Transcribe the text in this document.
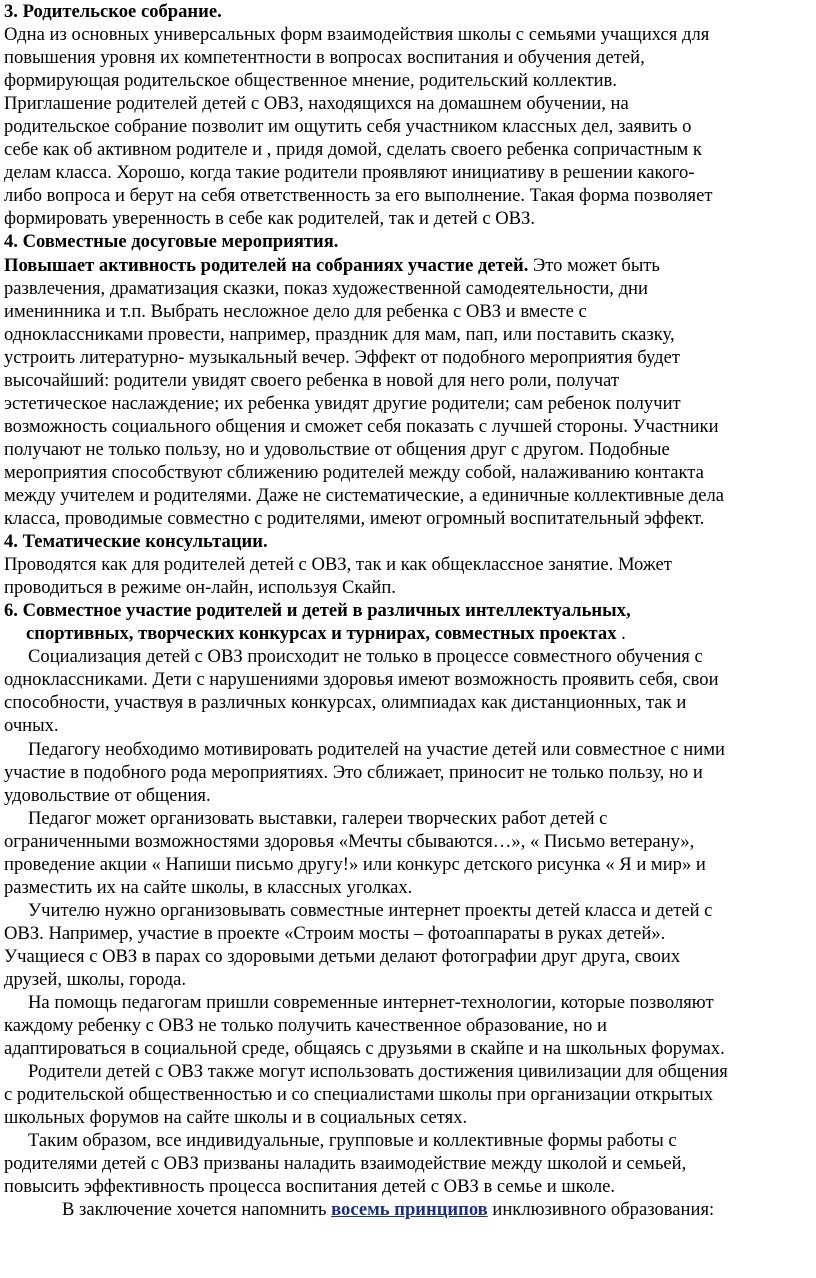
3. Родительское собрание.
Одна из основных универсальных форм взаимодействия школы с семьями учащихся для
повышения уровня их компетентности в вопросах воспитания и обучения детей,
формирующая родительское общественное мнение, родительский коллектив.
Приглашение родителей детей с ОВЗ, находящихся на домашнем обучении, на
родительское собрание позволит им ощутить себя участником классных дел, заявить о
себе как об активном родителе и , придя домой, сделать своего ребенка сопричастным к
делам класса. Хорошо, когда такие родители проявляют инициативу в решении какого-
либо вопроса и берут на себя ответственность за его выполнение. Такая форма позволяет
формировать уверенность в себе как родителей, так и детей с ОВЗ.
4. Совместные досуговые мероприятия.
Повышает активность родителей на собраниях участие детей. Это может быть
развлечения, драматизация сказки, показ художественной самодеятельности, дни
именинника и т.п. Выбрать несложное дело для ребенка с ОВЗ и вместе с
одноклассниками провести, например, праздник для мам, пап, или поставить сказку,
устроить литературно- музыкальный вечер. Эффект от подобного мероприятия будет
высочайший: родители увидят своего ребенка в новой для него роли, получат
эстетическое наслаждение; их ребенка увидят другие родители; сам ребенок получит
возможность социального общения и сможет себя показать с лучшей стороны. Участники
получают не только пользу, но и удовольствие от общения друг с другом. Подобные
мероприятия способствуют сближению родителей между собой, налаживанию контакта
между учителем и родителями. Даже не систематические, а единичные коллективные дела
класса, проводимые совместно с родителями, имеют огромный воспитательный эффект.
4. Тематические консультации.
Проводятся как для родителей детей с ОВЗ, так и как общеклассное занятие. Может
проводиться в режиме он-лайн, используя Скайп.
6. Совместное участие родителей и детей в различных интеллектуальных,
спортивных, творческих конкурсах и турнирах, совместных проектах .
Социализация детей с ОВЗ происходит не только в процессе совместного обучения с
одноклассниками. Дети с нарушениями здоровья имеют возможность проявить себя, свои
способности, участвуя в различных конкурсах, олимпиадах как дистанционных, так и
очных.
Педагогу необходимо мотивировать родителей на участие детей или совместное с ними
участие в подобного рода мероприятиях. Это сближает, приносит не только пользу, но и
удовольствие от общения.
Педагог может организовать выставки, галереи творческих работ детей с
ограниченными возможностями здоровья «Мечты сбываются…», « Письмо ветерану»,
проведение акции « Напиши письмо другу!» или конкурс детского рисунка « Я и мир» и
разместить их на сайте школы, в классных уголках.
Учителю нужно организовывать совместные интернет проекты детей класса и детей с
ОВЗ. Например, участие в проекте «Строим мосты – фотоаппараты в руках детей».
Учащиеся с ОВЗ в парах со здоровыми детьми делают фотографии друг друга, своих
друзей, школы, города.
На помощь педагогам пришли современные интернет-технологии, которые позволяют
каждому ребенку с ОВЗ не только получить качественное образование, но и
адаптироваться в социальной среде, общаясь с друзьями в скайпе и на школьных форумах.
Родители детей с ОВЗ также могут использовать достижения цивилизации для общения
с родительской общественностью и со специалистами школы при организации открытых
школьных форумов на сайте школы и в социальных сетях.
Таким образом, все индивидуальные, групповые и коллективные формы работы с
родителями детей с ОВЗ призваны наладить взаимодействие между школой и семьей,
повысить эффективность процесса воспитания детей с ОВЗ в семье и школе.
В заключение хочется напомнить восемь принципов инклюзивного образования:
